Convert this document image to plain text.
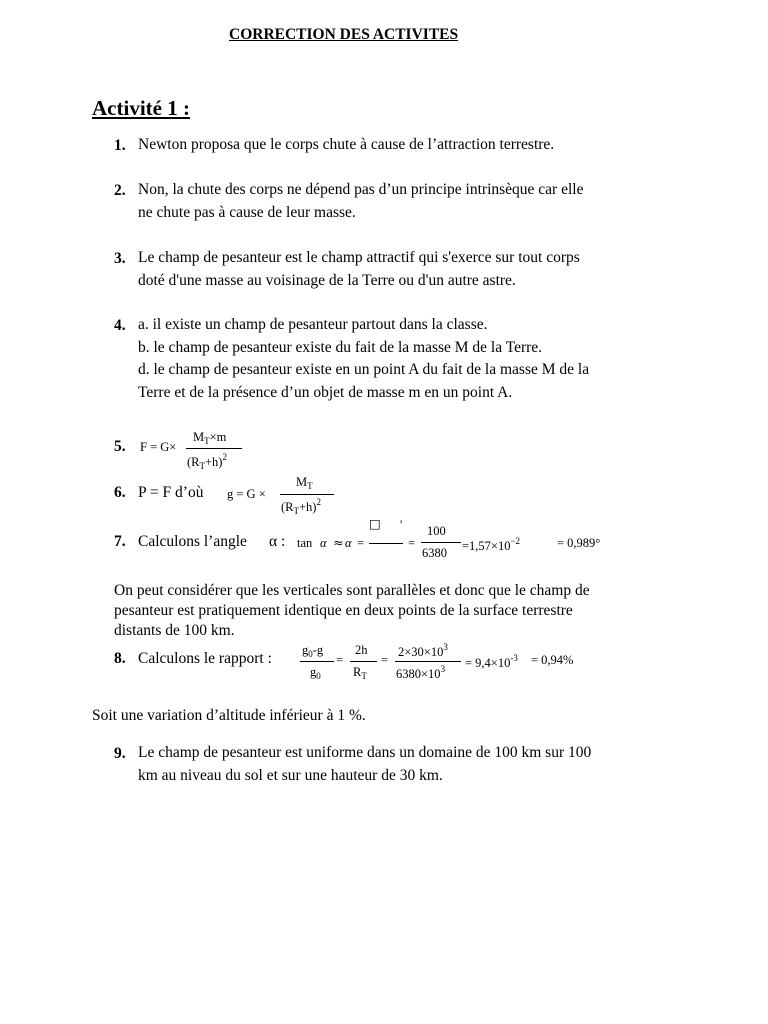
CORRECTION DES ACTIVITES
Activité 1 :
1. Newton proposa que le corps chute à cause de l’attraction terrestre.
2. Non, la chute des corps ne dépend pas d’un principe intrinsèque car elle
ne chute pas à cause de leur masse.
3. Le champ de pesanteur est le champ attractif qui s'exerce sur tout corps
doté d'une masse au voisinage de la Terre ou d'un autre astre.
4. a. il existe un champ de pesanteur partout dans la classe.
b. le champ de pesanteur existe du fait de la masse M de la Terre.
d. le champ de pesanteur existe en un point A du fait de la masse M de la
Terre et de la présence d’un objet de masse m en un point A.
5. F = G×
$M_T\times m$
$(R_T+h)^2$
6. P = F d’où g = G ×
$M_T$
$(R_T+h)^2$
7. Calculons l’angle α : tan α ≈ α =
□ '
=
100
$6380 =1,57\times 10^{-2}$	= 0,989°
On peut considérer que les verticales sont parallèles et donc que le champ de
pesanteur est pratiquement identique en deux points de la surface terrestre
distants de 100 km.
8. Calculons le rapport : $g_0-g$
$g_0$
=
2h
$R_T$
=
$2\times 30\times 10^3$
$6380\times 10^3 = 9,4\times 10^{-3} = 0,94\%$
Soit une variation d’altitude inférieur à 1 %.
9. Le champ de pesanteur est uniforme dans un domaine de 100 km sur 100
km au niveau du sol et sur une hauteur de 30 km.
